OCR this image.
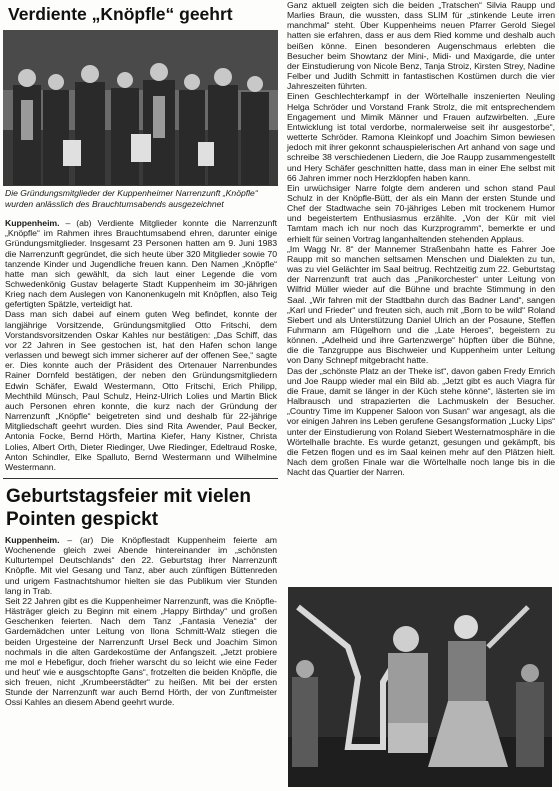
Verdiente „Knöpfle“ geehrt

Die Gründungsmitglieder der Kuppenheimer Narrenzunft „Knöpfle“ wurden anlässlich des Brauchtumsabends ausgezeichnet

Kuppenheim. – (ab) Verdiente Mitglieder konnte die Narrenzunft „Knöpfle“ im Rahmen ihres Brauchtumsabend ehren, darunter einige Gründungsmitglieder. Insgesamt 23 Personen hatten am 9. Juni 1983 die Narrenzunft gegründet, die sich heute über 320 Mitglieder sowie 70 tanzende Kinder und Jugendliche freuen kann. Den Namen „Knöpfle“ hatte man sich gewählt, da sich laut einer Legende die vom Schwedenkönig Gustav belagerte Stadt Kuppenheim im 30-jährigen Krieg nach dem Auslegen von Kanonenkugeln mit Knöpflen, also Teig gefertigten Spätzle, verteidigt hat.

Dass man sich dabei auf einem guten Weg befindet, konnte der langjährige Vorsitzende, Gründungsmitglied Otto Fritschi, dem Vorstandsvorsitzenden Oskar Kahles nur bestätigen: „Das Schiff, das vor 22 Jahren in See gestochen ist, hat den Hafen schon lange verlassen und bewegt sich immer sicherer auf der offenen See,“ sagte er. Dies konnte auch der Präsident des Ortenauer Narrenbundes Rainer Dornfeld bestätigen, der neben den Gründungsmitgliedern Edwin Schäfer, Ewald Westermann, Otto Fritschi, Erich Philipp, Mechthild Münsch, Paul Schulz, Heinz-Ulrich Lolies und Martin Blick auch Personen ehren konnte, die kurz nach der Gründung der Narrenzunft „Knöpfle“ beigetreten sind und deshalb für 22-jährige Mitgliedschaft geehrt wurden. Dies sind Rita Awender, Paul Becker, Antonia Focke, Bernd Hörth, Martina Kiefer, Hany Kistner, Christa Lolies, Albert Orth, Dieter Riedinger, Uwe Riedinger, Edeltraud Roske, Anton Schindler, Elke Spalluto, Bernd Westermann und Wilhelmine Westermann.

Geburtstagsfeier mit vielen Pointen gespickt

Kuppenheim. – (ar) Die Knöpflestadt Kuppenheim feierte am Wochenende gleich zwei Abende hintereinander im „schönsten Kulturtempel Deutschlands“ den 22. Geburtstag ihrer Narrenzunft Knöpfle. Mit viel Gesang und Tanz, aber auch zünftigen Büttenreden und urigem Fastnachtshumor hielten sie das Publikum vier Stunden lang in Trab.

Seit 22 Jahren gibt es die Kuppenheimer Narrenzunft, was die Knöpfle-Hästräger gleich zu Beginn mit einem „Happy Birthday“ und großen Geschenken feierten. Nach dem Tanz „Fantasia Venezia“ der Gardemädchen unter Leitung von Ilona Schmitt-Walz stiegen die beiden Urgesteine der Narrenzunft Ursel Beck und Joachim Simon nochmals in die alten Gardekostüme der Anfangszeit. „Jetzt probiere me mol e Hebefigur, doch frieher warscht du so leicht wie eine Feder und heut' wie e ausgschtopfte Gans“, frotzelten die beiden Knöpfle, die sich freuen, nicht „Krumbeerstädter“ zu heißen. Mit bei der ersten Stunde der Narrenzunft war auch Bernd Hörth, der von Zunftmeister Ossi Kahles an diesem Abend geehrt wurde.

Ganz aktuell zeigten sich die beiden „Tratschen“ Silvia Raupp und Marlies Braun, die wussten, dass SLIM für „stinkende Leute irren manchmal“ steht. Über Kuppenheims neuen Pfarrer Gerold Siegel hatten sie erfahren, dass er aus dem Ried komme und deshalb auch beißen könne. Einen besonderen Augenschmaus erlebten die Besucher beim Showtanz der Mini-, Midi- und Maxigarde, die unter der Einstudierung von Nicole Benz, Tanja Stroiz, Kirsten Strey, Nadine Felber und Judith Schmitt in fantastischen Kostümen durch die vier Jahreszeiten führten.

Einen Geschlechterkampf in der Wörtelhalle inszenierten Neuling Helga Schröder und Vorstand Frank Strolz, die mit entsprechendem Engagement und Mimik Männer und Frauen aufzwirbelten. „Eure Entwicklung ist total verdorbe, normalerweise seit ihr ausgestorbe“, wetterte Schröder. Ramona Kleinkopf und Joachim Simon bewiesen jedoch mit ihrer gekonnt schauspielerischen Art anhand von sage und schreibe 38 verschiedenen Liedern, die Joe Raupp zusammengestellt und Hery Schäfer geschnitten hatte, dass man in einer Ehe selbst mit 66 Jahren immer noch Herzklopfen haben kann.

Ein urwüchsiger Narre folgte dem anderen und schon stand Paul Schulz in der Knöpfle-Bütt, der als ein Mann der ersten Stunde und Chef der Stadtwache sein 70-jähriges Leben mit trockenem Humor und begeistertem Enthusiasmus erzählte. „Von der Kür mit viel Tamtam mach ich nur noch das Kurzprogramm“, bemerkte er und erhielt für seinen Vortrag langanhaltenden stehenden Applaus.

„Im Wagg Nr. 8“ der Mannemer Straßenbahn hatte es Fahrer Joe Raupp mit so manchen seltsamen Menschen und Dialekten zu tun, was zu viel Gelächter im Saal beitrug. Rechtzeitig zum 22. Geburtstag der Narrenzunft trat auch das „Panikorchester“ unter Leitung von Wilfrid Müller wieder auf die Bühne und brachte Stimmung in den Saal. „Wir fahren mit der Stadtbahn durch das Badner Land“, sangen „Karl und Frieder“ und freuten sich, auch mit „Born to be wild“ Roland Siebert und als Unterstützung Daniel Ulrich an der Posaune, Steffen Fuhrmann am Flügelhorn und die „Late Heroes“, begeistern zu können. „Adelheid und ihre Gartenzwerge“ hüpften über die Bühne, die die Tanzgruppe aus Bischweier und Kuppenheim unter Leitung von Dany Schnepf mitgebracht hatte.

Das der „schönste Platz an der Theke ist“, davon gaben Fredy Emrich und Joe Raupp wieder mal ein Bild ab. „Jetzt gibt es auch Viagra für die Fraue, damit se länger in der Küch stehe könne“, lästerten sie im Halbrausch und strapazierten die Lachmuskeln der Besucher. „Country Time im Kuppener Saloon von Susan“ war angesagt, als die vor einigen Jahren ins Leben gerufene Gesangsformation „Lucky Lips“ unter der Einstudierung von Roland Siebert Westernatmosphäre in die Wörtelhalle brachte. Es wurde getanzt, gesungen und gekämpft, bis die Fetzen flogen und es im Saal keinen mehr auf den Plätzen hielt. Nach dem großen Finale war die Wörtelhalle noch lange bis in die Nacht das Quartier der Narren.
